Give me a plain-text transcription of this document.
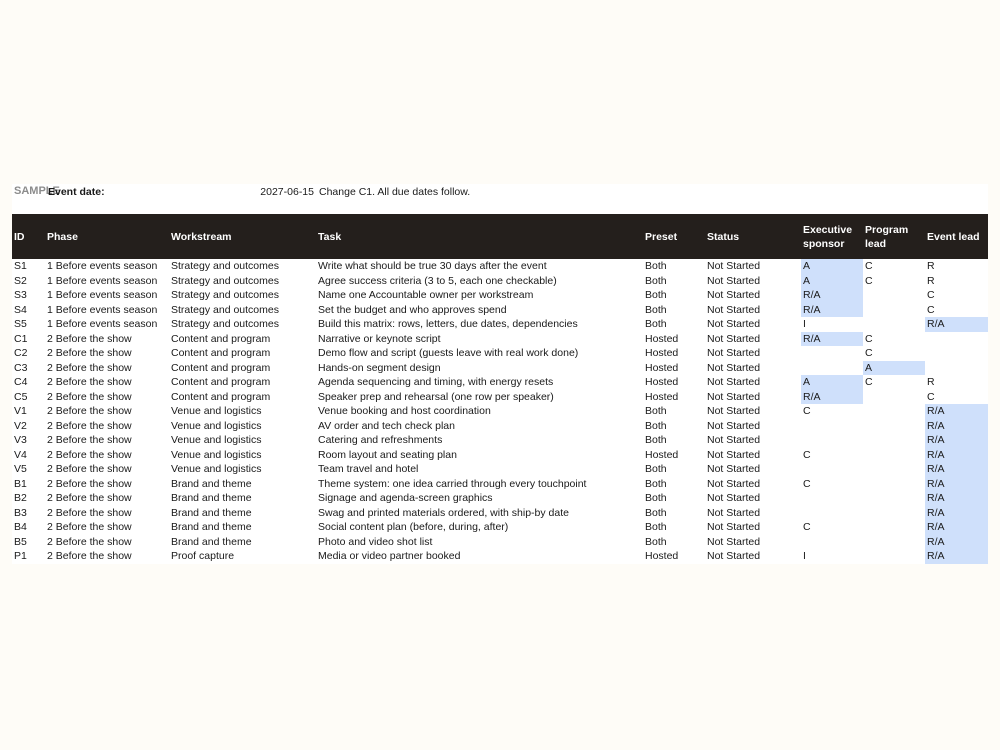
SAMPLE
Event date:	2027-06-15 Change C1. All due dates follow.
ID	Phase	Workstream	Task	Preset	Status	Executive sponsor	Program lead	Event lead
S1	1 Before events season	Strategy and outcomes	Write what should be true 30 days after the event	Both	Not Started	A	C	R
S2	1 Before events season	Strategy and outcomes	Agree success criteria (3 to 5, each one checkable)	Both	Not Started	A	C	R
S3	1 Before events season	Strategy and outcomes	Name one Accountable owner per workstream	Both	Not Started	R/A		C
S4	1 Before events season	Strategy and outcomes	Set the budget and who approves spend	Both	Not Started	R/A		C
S5	1 Before events season	Strategy and outcomes	Build this matrix: rows, letters, due dates, dependencies	Both	Not Started	I		R/A
C1	2 Before the show	Content and program	Narrative or keynote script	Hosted	Not Started	R/A	C	
C2	2 Before the show	Content and program	Demo flow and script (guests leave with real work done)	Hosted	Not Started		C	
C3	2 Before the show	Content and program	Hands-on segment design	Hosted	Not Started		A	
C4	2 Before the show	Content and program	Agenda sequencing and timing, with energy resets	Hosted	Not Started	A	C	R
C5	2 Before the show	Content and program	Speaker prep and rehearsal (one row per speaker)	Hosted	Not Started	R/A		C
V1	2 Before the show	Venue and logistics	Venue booking and host coordination	Both	Not Started	C		R/A
V2	2 Before the show	Venue and logistics	AV order and tech check plan	Both	Not Started			R/A
V3	2 Before the show	Venue and logistics	Catering and refreshments	Both	Not Started			R/A
V4	2 Before the show	Venue and logistics	Room layout and seating plan	Hosted	Not Started	C		R/A
V5	2 Before the show	Venue and logistics	Team travel and hotel	Both	Not Started			R/A
B1	2 Before the show	Brand and theme	Theme system: one idea carried through every touchpoint	Both	Not Started	C		R/A
B2	2 Before the show	Brand and theme	Signage and agenda-screen graphics	Both	Not Started			R/A
B3	2 Before the show	Brand and theme	Swag and printed materials ordered, with ship-by date	Both	Not Started			R/A
B4	2 Before the show	Brand and theme	Social content plan (before, during, after)	Both	Not Started	C		R/A
B5	2 Before the show	Brand and theme	Photo and video shot list	Both	Not Started			R/A
P1	2 Before the show	Proof capture	Media or video partner booked	Hosted	Not Started	I		R/A
